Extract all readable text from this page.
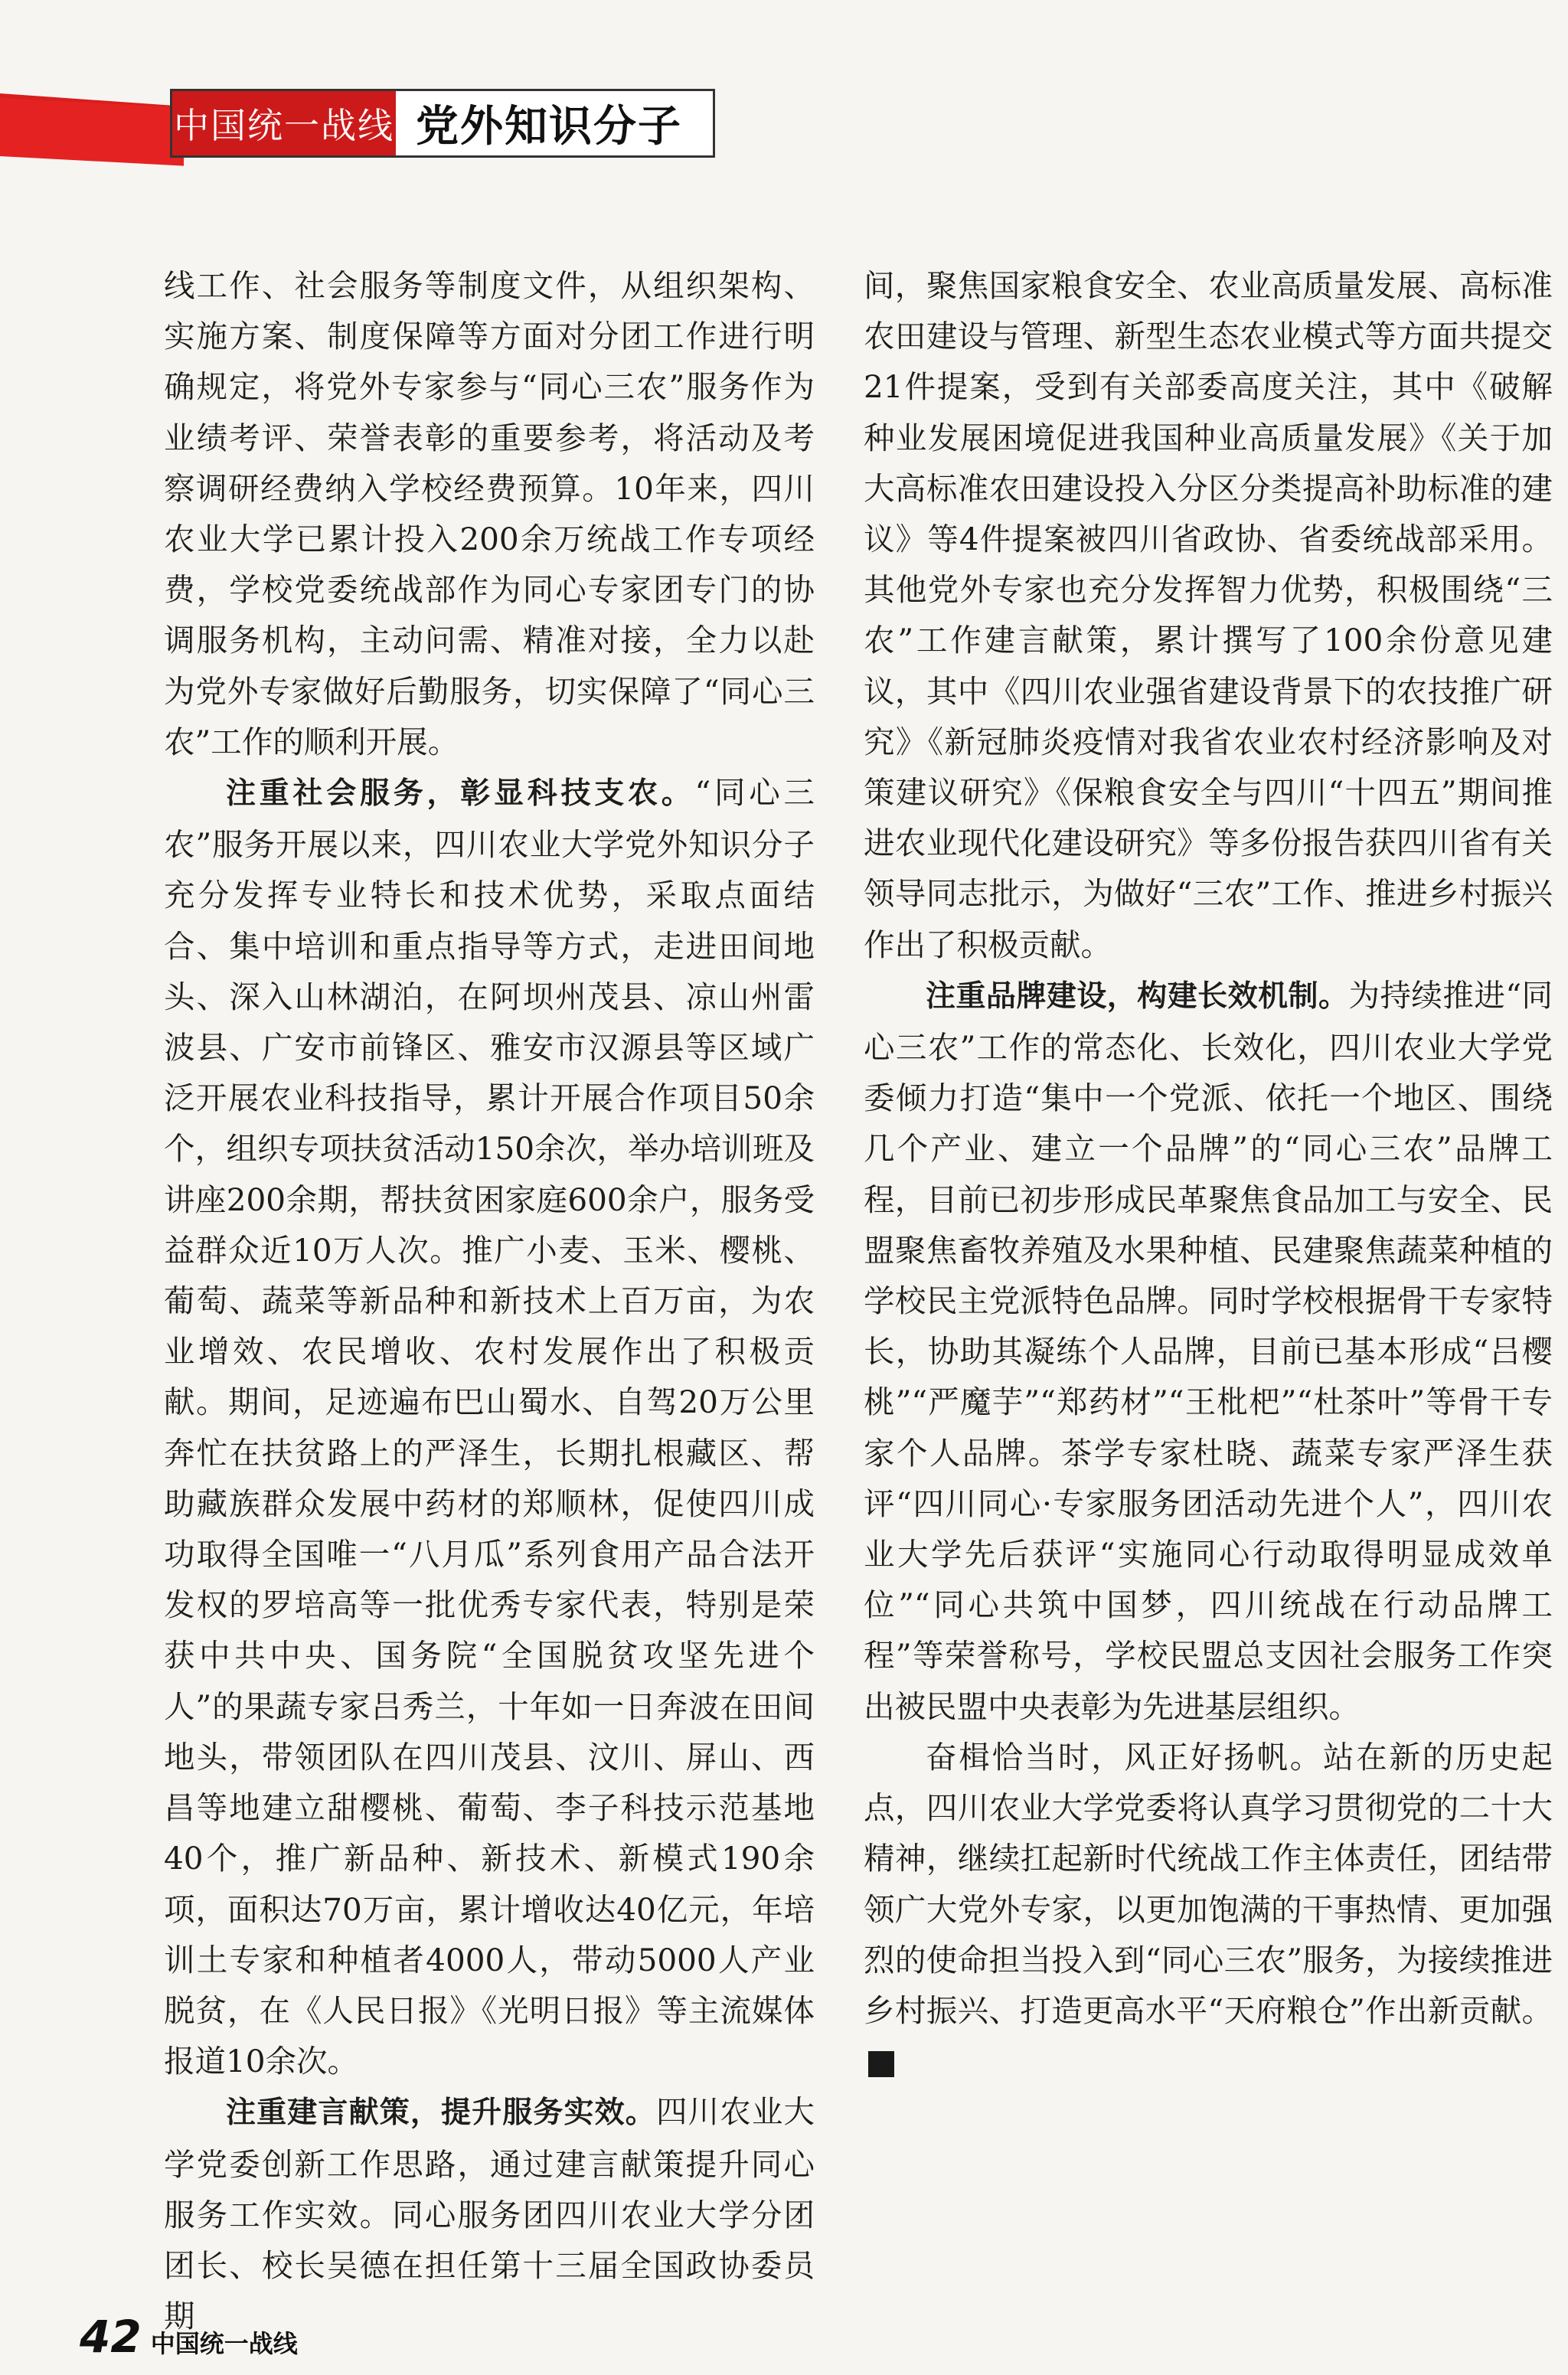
中国统一战线 党外知识分子

线工作、社会服务等制度文件，从组织架构、实施方案、制度保障等方面对分团工作进行明确规定，将党外专家参与“同心三农”服务作为业绩考评、荣誉表彰的重要参考，将活动及考察调研经费纳入学校经费预算。10年来，四川农业大学已累计投入200余万统战工作专项经费，学校党委统战部作为同心专家团专门的协调服务机构，主动问需、精准对接，全力以赴为党外专家做好后勤服务，切实保障了“同心三农”工作的顺利开展。

注重社会服务，彰显科技支农。“同心三农”服务开展以来，四川农业大学党外知识分子充分发挥专业特长和技术优势，采取点面结合、集中培训和重点指导等方式，走进田间地头、深入山林湖泊，在阿坝州茂县、凉山州雷波县、广安市前锋区、雅安市汉源县等区域广泛开展农业科技指导，累计开展合作项目50余个，组织专项扶贫活动150余次，举办培训班及讲座200余期，帮扶贫困家庭600余户，服务受益群众近10万人次。推广小麦、玉米、樱桃、葡萄、蔬菜等新品种和新技术上百万亩，为农业增效、农民增收、农村发展作出了积极贡献。期间，足迹遍布巴山蜀水、自驾20万公里奔忙在扶贫路上的严泽生，长期扎根藏区、帮助藏族群众发展中药材的郑顺林，促使四川成功取得全国唯一“八月瓜”系列食用产品合法开发权的罗培高等一批优秀专家代表，特别是荣获中共中央、国务院“全国脱贫攻坚先进个人”的果蔬专家吕秀兰，十年如一日奔波在田间地头，带领团队在四川茂县、汶川、屏山、西昌等地建立甜樱桃、葡萄、李子科技示范基地40个，推广新品种、新技术、新模式190余项，面积达70万亩，累计增收达40亿元，年培训土专家和种植者4000人，带动5000人产业脱贫，在《人民日报》《光明日报》等主流媒体报道10余次。

注重建言献策，提升服务实效。四川农业大学党委创新工作思路，通过建言献策提升同心服务工作实效。同心服务团四川农业大学分团团长、校长吴德在担任第十三届全国政协委员期

间，聚焦国家粮食安全、农业高质量发展、高标准农田建设与管理、新型生态农业模式等方面共提交21件提案，受到有关部委高度关注，其中《破解种业发展困境促进我国种业高质量发展》《关于加大高标准农田建设投入分区分类提高补助标准的建议》等4件提案被四川省政协、省委统战部采用。其他党外专家也充分发挥智力优势，积极围绕“三农”工作建言献策，累计撰写了100余份意见建议，其中《四川农业强省建设背景下的农技推广研究》《新冠肺炎疫情对我省农业农村经济影响及对策建议研究》《保粮食安全与四川“十四五”期间推进农业现代化建设研究》等多份报告获四川省有关领导同志批示，为做好“三农”工作、推进乡村振兴作出了积极贡献。

注重品牌建设，构建长效机制。为持续推进“同心三农”工作的常态化、长效化，四川农业大学党委倾力打造“集中一个党派、依托一个地区、围绕几个产业、建立一个品牌”的“同心三农”品牌工程，目前已初步形成民革聚焦食品加工与安全、民盟聚焦畜牧养殖及水果种植、民建聚焦蔬菜种植的学校民主党派特色品牌。同时学校根据骨干专家特长，协助其凝练个人品牌，目前已基本形成“吕樱桃”“严魔芋”“郑药材”“王枇杷”“杜茶叶”等骨干专家个人品牌。茶学专家杜晓、蔬菜专家严泽生获评“四川同心·专家服务团活动先进个人”，四川农业大学先后获评“实施同心行动取得明显成效单位”“同心共筑中国梦，四川统战在行动品牌工程”等荣誉称号，学校民盟总支因社会服务工作突出被民盟中央表彰为先进基层组织。

奋楫恰当时，风正好扬帆。站在新的历史起点，四川农业大学党委将认真学习贯彻党的二十大精神，继续扛起新时代统战工作主体责任，团结带领广大党外专家，以更加饱满的干事热情、更加强烈的使命担当投入到“同心三农”服务，为接续推进乡村振兴、打造更高水平“天府粮仓”作出新贡献。

42 中国统一战线
